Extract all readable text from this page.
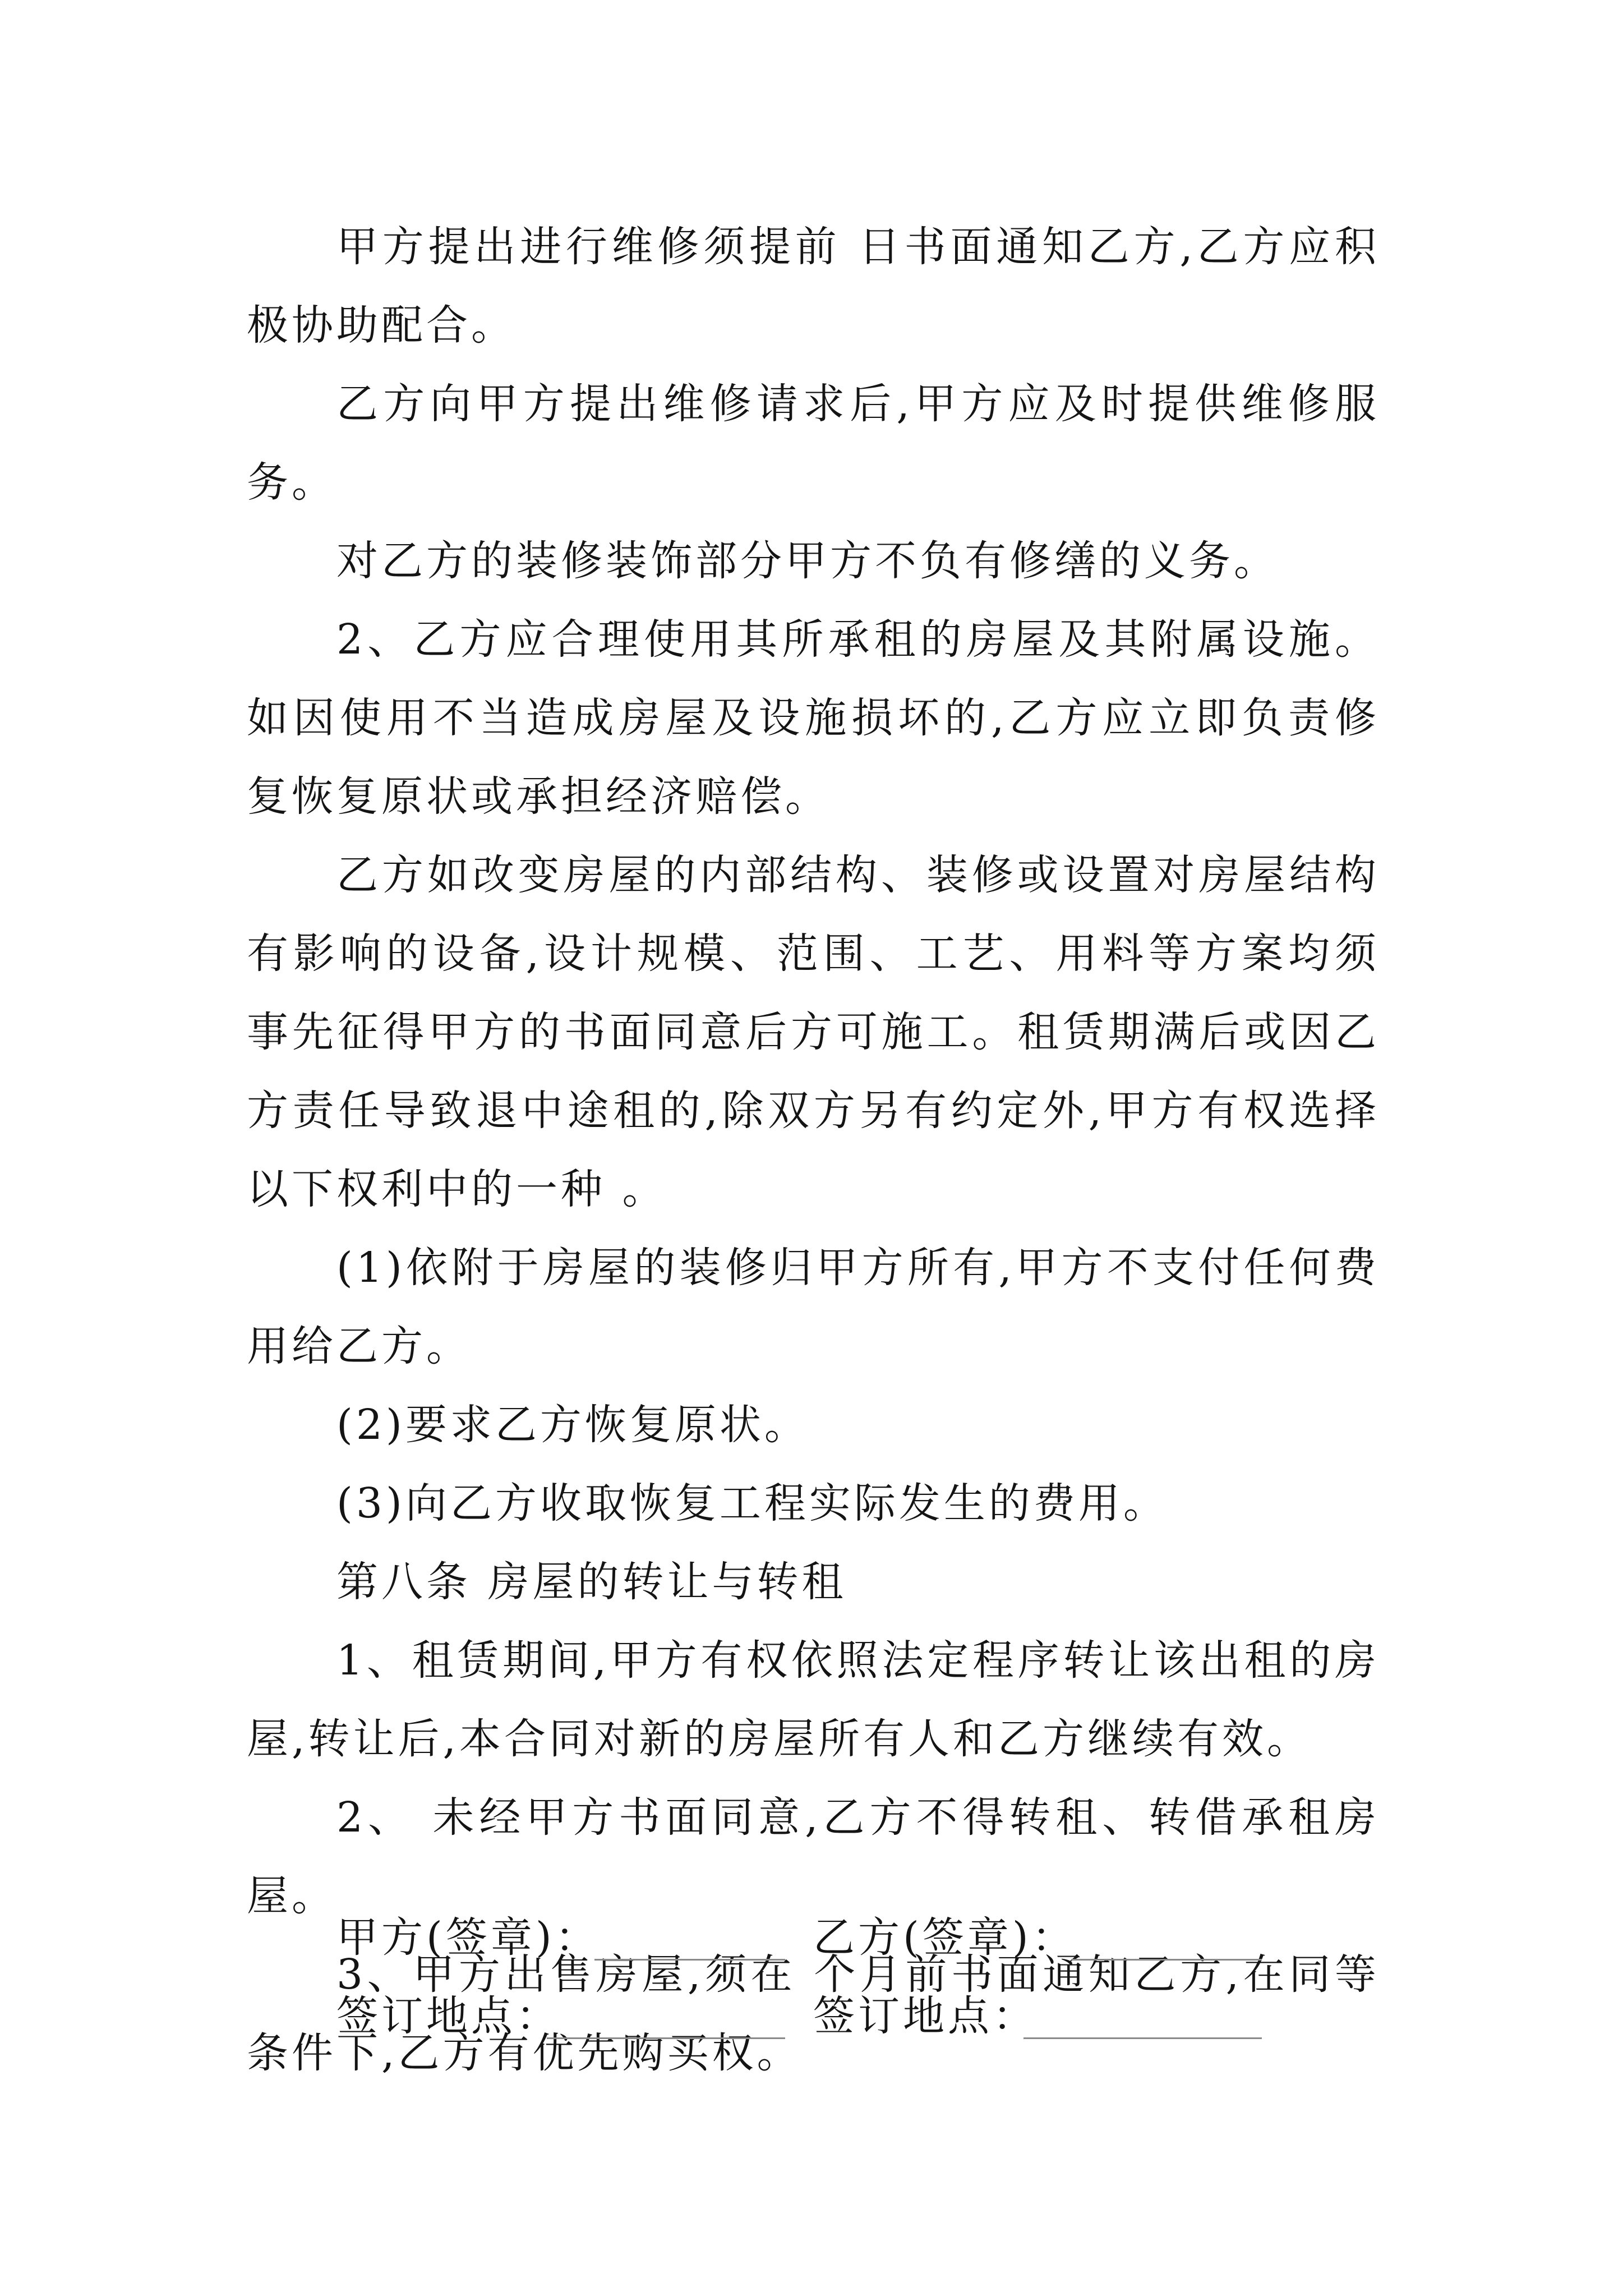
甲方提出进行维修须提前 日书面通知乙方,乙方应积极协助配合。

乙方向甲方提出维修请求后,甲方应及时提供维修服务。

对乙方的装修装饰部分甲方不负有修缮的义务。

2、乙方应合理使用其所承租的房屋及其附属设施。如因使用不当造成房屋及设施损坏的,乙方应立即负责修复恢复原状或承担经济赔偿。

乙方如改变房屋的内部结构、装修或设置对房屋结构有影响的设备,设计规模、范围、工艺、用料等方案均须事先征得甲方的书面同意后方可施工。租赁期满后或因乙方责任导致退中途租的,除双方另有约定外,甲方有权选择以下权利中的一种 。

(1)依附于房屋的装修归甲方所有,甲方不支付任何费用给乙方。

(2)要求乙方恢复原状。

(3)向乙方收取恢复工程实际发生的费用。

第八条 房屋的转让与转租

1、租赁期间,甲方有权依照法定程序转让该出租的房屋,转让后,本合同对新的房屋所有人和乙方继续有效。

2、 未经甲方书面同意,乙方不得转租、转借承租房屋。

3、甲方出售房屋,须在 个月前书面通知乙方,在同等条件下,乙方有优先购买权。

甲方(签章)：	乙方(签章)：
签订地点：	签订地点：
